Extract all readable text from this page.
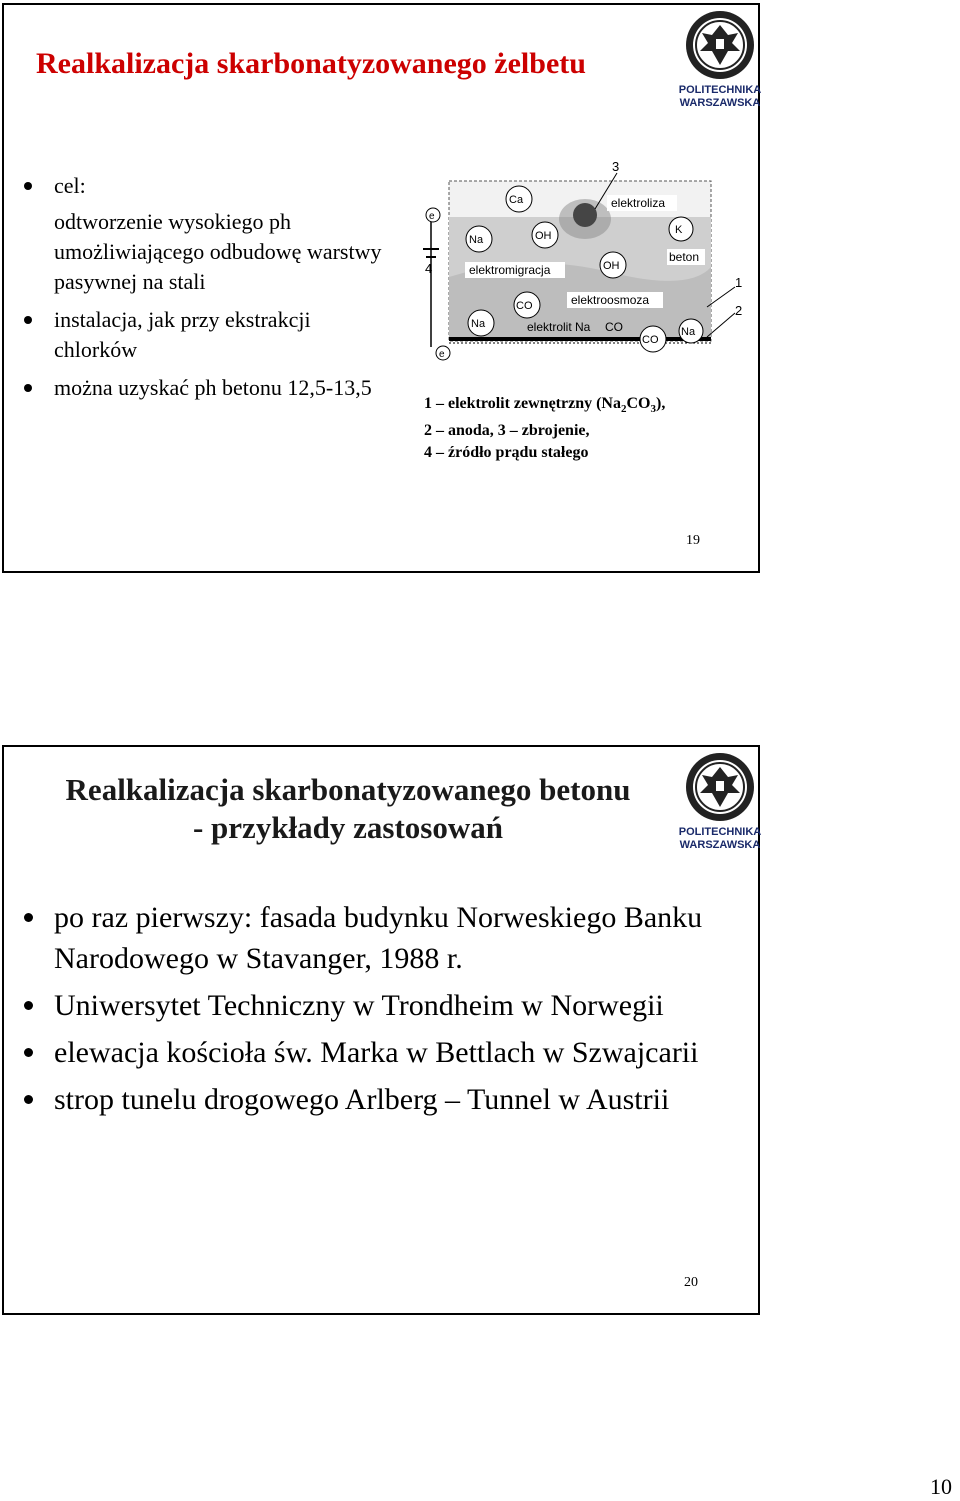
Realkalizacja skarbonatyzowanego żelbetu
POLITECHNIKA
WARSZAWSKA
cel:
odtworzenie wysokiego ph umożliwiającego odbudowę warstwy pasywnej na stali
instalacja, jak przy ekstrakcji chlorków
można uzyskać ph betonu 12,5-13,5
3
4
1
2
e
e
elektroliza
elektromigracja
beton
elektroosmoza
elektrolit Na CO
Ca
Na	OH	K
OH
CO
Na
CO
Na
1 – elektrolit zewnętrzny $(Na_2CO_3)$,
2 – anoda, 3 – zbrojenie,
4 – źródło prądu stałego
19
Realkalizacja skarbonatyzowanego betonu
- przykłady zastosowań	POLITECHNIKA
WARSZAWSKA
po raz pierwszy: fasada budynku Norweskiego Banku Narodowego w Stavanger, 1988 r.
Uniwersytet Techniczny w Trondheim w Norwegii
elewacja kościoła św. Marka w Bettlach w Szwajcarii
strop tunelu drogowego Arlberg – Tunnel w Austrii
20
10
